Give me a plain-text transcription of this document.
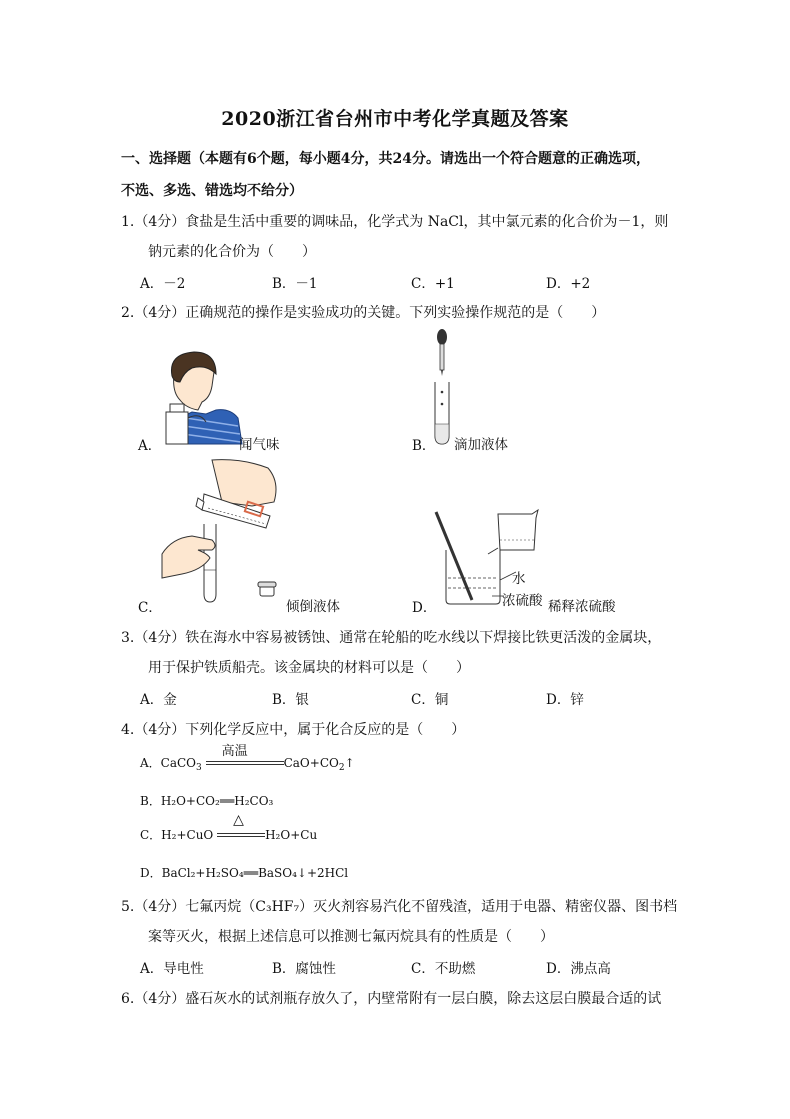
2020浙江省台州市中考化学真题及答案
一、选择题（本题有6个题，每小题4分，共24分。请选出一个符合题意的正确选项，
不选、多选、错选均不给分）
1.（4分）食盐是生活中重要的调味品，化学式为 NaCl，其中氯元素的化合价为－1，则
钠元素的化合价为（　　）
A．－2	B．－1	C．+1	D．+2
2.（4分）正确规范的操作是实验成功的关键。下列实验操作规范的是（　　）
A．	闻气味	B． 滴加液体
C．	倾倒液体	D．
水
浓硫酸 稀释浓硫酸
3.（4分）铁在海水中容易被锈蚀、通常在轮船的吃水线以下焊接比铁更活泼的金属块，
用于保护铁质船壳。该金属块的材料可以是（　　）
A．金	B．银	C．铜	D．锌
4.（4分）下列化学反应中，属于化合反应的是（　　）
A．CaCO$_3$
高温
$CaO+CO_2↑$
B．H₂O+CO₂══H₂CO₃
C．H₂+CuO
△
H₂O+Cu
D．BaCl₂+H₂SO₄══BaSO₄↓+2HCl
5.（4分）七氟丙烷（C₃HF₇）灭火剂容易汽化不留残渣，适用于电器、精密仪器、图书档
案等灭火，根据上述信息可以推测七氟丙烷具有的性质是（　　）
A．导电性	B．腐蚀性	C．不助燃	D．沸点高
6.（4分）盛石灰水的试剂瓶存放久了，内壁常附有一层白膜，除去这层白膜最合适的试
